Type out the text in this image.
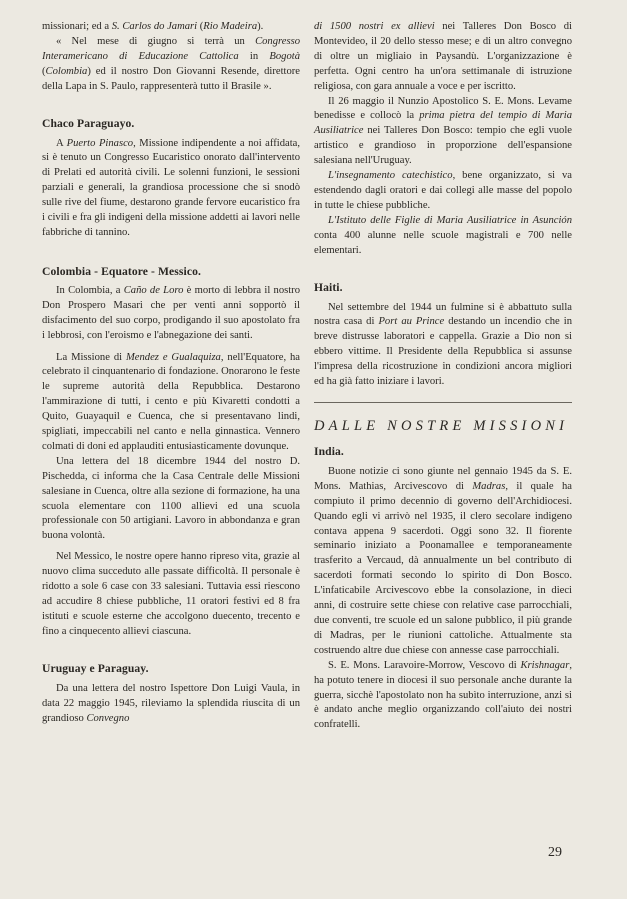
missionari; ed a S. Carlos do Jamari (Rio Madeira).

« Nel mese di giugno si terrà un Congresso Interamericano di Educazione Cattolica in Bogotà (Colombia) ed il nostro Don Giovanni Resende, direttore della Lapa in S. Paulo, rappresenterà tutto il Brasile ».

Chaco Paraguayo.

A Puerto Pinasco, Missione indipendente a noi affidata, si è tenuto un Congresso Eucaristico onorato dall'intervento di Prelati ed autorità civili. Le solenni funzioni, le sessioni parziali e generali, la grandiosa processione che si snodò sulle rive del fiume, destarono grande fervore eucaristico fra i civili e fra gli indigeni della missione addetti ai lavori nelle fabbriche di tannino.

Colombia - Equatore - Messico.

In Colombia, a Caño de Loro è morto di lebbra il nostro Don Prospero Masari che per venti anni sopportò il disfacimento del suo corpo, prodigando il suo apostolato fra i lebbrosi, con l'eroismo e l'abnegazione dei santi.

La Missione di Mendez e Gualaquiza, nell'Equatore, ha celebrato il cinquantenario di fondazione. Onorarono le feste le supreme autorità della Repubblica. Destarono l'ammirazione di tutti, i cento e più Kivaretti condotti a Quito, Guayaquil e Cuenca, che si presentavano lindi, spigliati, impeccabili nel canto e nella ginnastica. Vennero colmati di doni ed applauditi entusiasticamente dovunque.

Una lettera del 18 dicembre 1944 del nostro D. Pischedda, ci informa che la Casa Centrale delle Missioni salesiane in Cuenca, oltre alla sezione di formazione, ha una scuola elementare con 1100 allievi ed una scuola professionale con 50 artigiani. Lavoro in abbondanza e gran buona volontà.

Nel Messico, le nostre opere hanno ripreso vita, grazie al nuovo clima succeduto alle passate difficoltà. Il personale è ridotto a sole 6 case con 33 salesiani. Tuttavia essi riescono ad accudire 8 chiese pubbliche, 11 oratori festivi ed 8 fra istituti e scuole esterne che accolgono duecento, trecento e fino a cinquecento allievi ciascuna.

Uruguay e Paraguay.

Da una lettera del nostro Ispettore Don Luigi Vaula, in data 22 maggio 1945, rileviamo la splendida riuscita di un grandioso Convegno

di 1500 nostri ex allievi nei Talleres Don Bosco di Montevideo, il 20 dello stesso mese; e di un altro convegno di oltre un migliaio in Paysandù. L'organizzazione è perfetta. Ogni centro ha un'ora settimanale di istruzione religiosa, con gara annuale a voce e per iscritto.

Il 26 maggio il Nunzio Apostolico S. E. Mons. Levame benedisse e collocò la prima pietra del tempio di Maria Ausiliatrice nei Talleres Don Bosco: tempio che egli vuole artistico e grandioso in proporzione dell'espansione salesiana nell'Uruguay.

L'insegnamento catechistico, bene organizzato, si va estendendo dagli oratori e dai collegi alle masse del popolo in tutte le chiese pubbliche.

L'Istituto delle Figlie di Maria Ausiliatrice in Asunción conta 400 alunne nelle scuole magistrali e 700 nelle elementari.

Haiti.

Nel settembre del 1944 un fulmine si è abbattuto sulla nostra casa di Port au Prince destando un incendio che in breve distrusse laboratori e cappella. Grazie a Dio non si ebbero vittime. Il Presidente della Repubblica si assunse l'impresa della ricostruzione in condizioni ancora migliori ed ha già fatto iniziare i lavori.

DALLE NOSTRE MISSIONI
India.

Buone notizie ci sono giunte nel gennaio 1945 da S. E. Mons. Mathias, Arcivescovo di Madras, il quale ha compiuto il primo decennio di governo dell'Archidiocesi. Quando egli vi arrivò nel 1935, il clero secolare indigeno contava appena 9 sacerdoti. Oggi sono 32. Il fiorente seminario iniziato a Poonamallee e temporaneamente trasferito a Vercaud, dà annualmente un bel contributo di sacerdoti formati secondo lo spirito di Don Bosco. L'infaticabile Arcivescovo ebbe la consolazione, in dieci anni, di costruire sette chiese con relative case parrocchiali, due conventi, tre scuole ed un salone pubblico, il più grande di Madras, per le riunioni cattoliche. Attualmente sta costruendo altre due chiese con annesse case parrocchiali.

S. E. Mons. Laravoire-Morrow, Vescovo di Krishnagar, ha potuto tenere in diocesi il suo personale anche durante la guerra, sicchè l'apostolato non ha subìto interruzione, anzi si è andato anche meglio organizzando coll'aiuto dei nostri confratelli.

29
